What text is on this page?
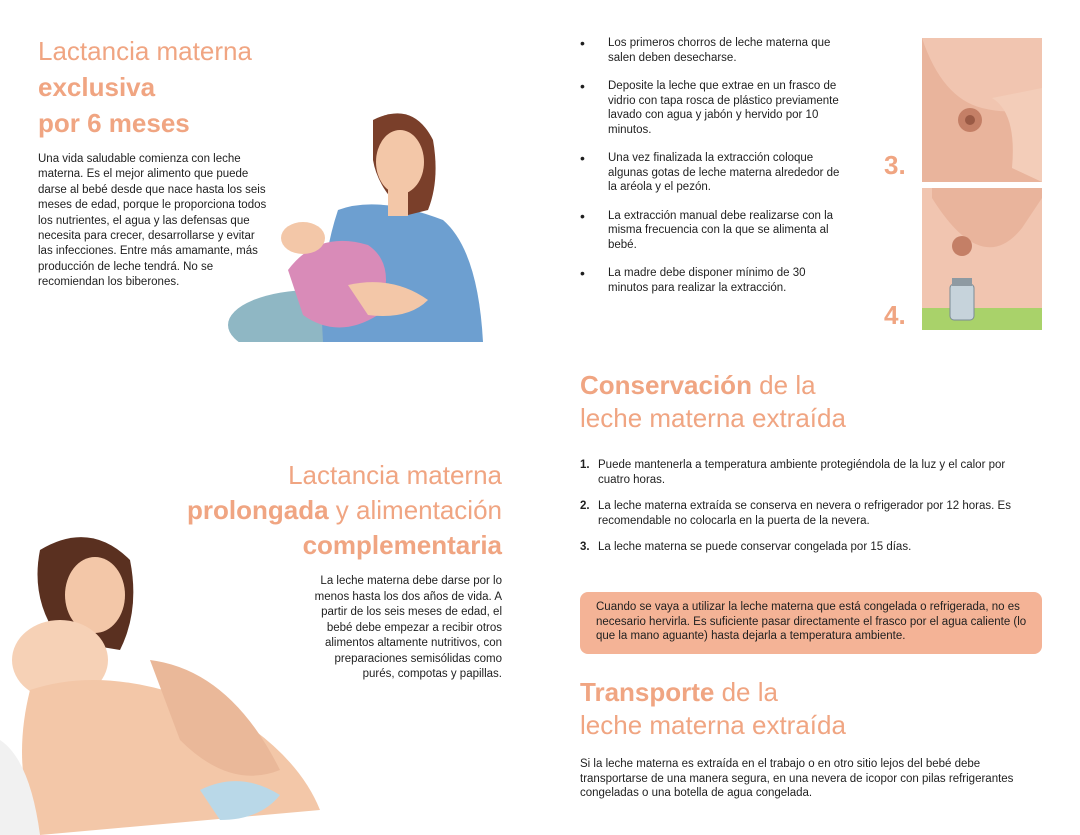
Lactancia materna
exclusiva
por 6 meses
Una vida saludable comienza con leche materna. Es el mejor alimento que puede darse al bebé desde que nace hasta los seis meses de edad, porque le proporciona todos los nutrientes, el agua y las defensas que necesita para crecer, desarrollarse y evitar las infecciones. Entre más amamante, más producción de leche tendrá. No se recomiendan los biberones.
• Los primeros chorros de leche materna que salen deben desecharse.
• Deposite la leche que extrae en un frasco de vidrio con tapa rosca de plástico previamente lavado con agua y jabón y hervido por 10 minutos.
• Una vez finalizada la extracción coloque algunas gotas de leche materna alrededor de la aréola y el pezón.
• La extracción manual debe realizarse con la misma frecuencia con la que se alimenta al bebé.
• La madre debe disponer mínimo de 30 minutos para realizar la extracción.
3.
4.
Lactancia materna
prolongada y alimentación
complementaria
La leche materna debe darse por lo menos hasta los dos años de vida. A partir de los seis meses de edad, el bebé debe empezar a recibir otros alimentos altamente nutritivos, con preparaciones semisólidas como purés, compotas y papillas.
Conservación de la
leche materna extraída
1. Puede mantenerla a temperatura ambiente protegiéndola de la luz y el calor por cuatro horas.
2. La leche materna extraída se conserva en nevera o refrigerador por 12 horas. Es recomendable no colocarla en la puerta de la nevera.
3. La leche materna se puede conservar congelada por 15 días.
Cuando se vaya a utilizar la leche materna que está congelada o refrigerada, no es necesario hervirla. Es suficiente pasar directamente el frasco por el agua caliente (lo que la mano aguante) hasta dejarla a temperatura ambiente.
Transporte de la
leche materna extraída
Si la leche materna es extraída en el trabajo o en otro sitio lejos del bebé debe transportarse de una manera segura, en una nevera de icopor con pilas refrigerantes congeladas o una botella de agua congelada.
